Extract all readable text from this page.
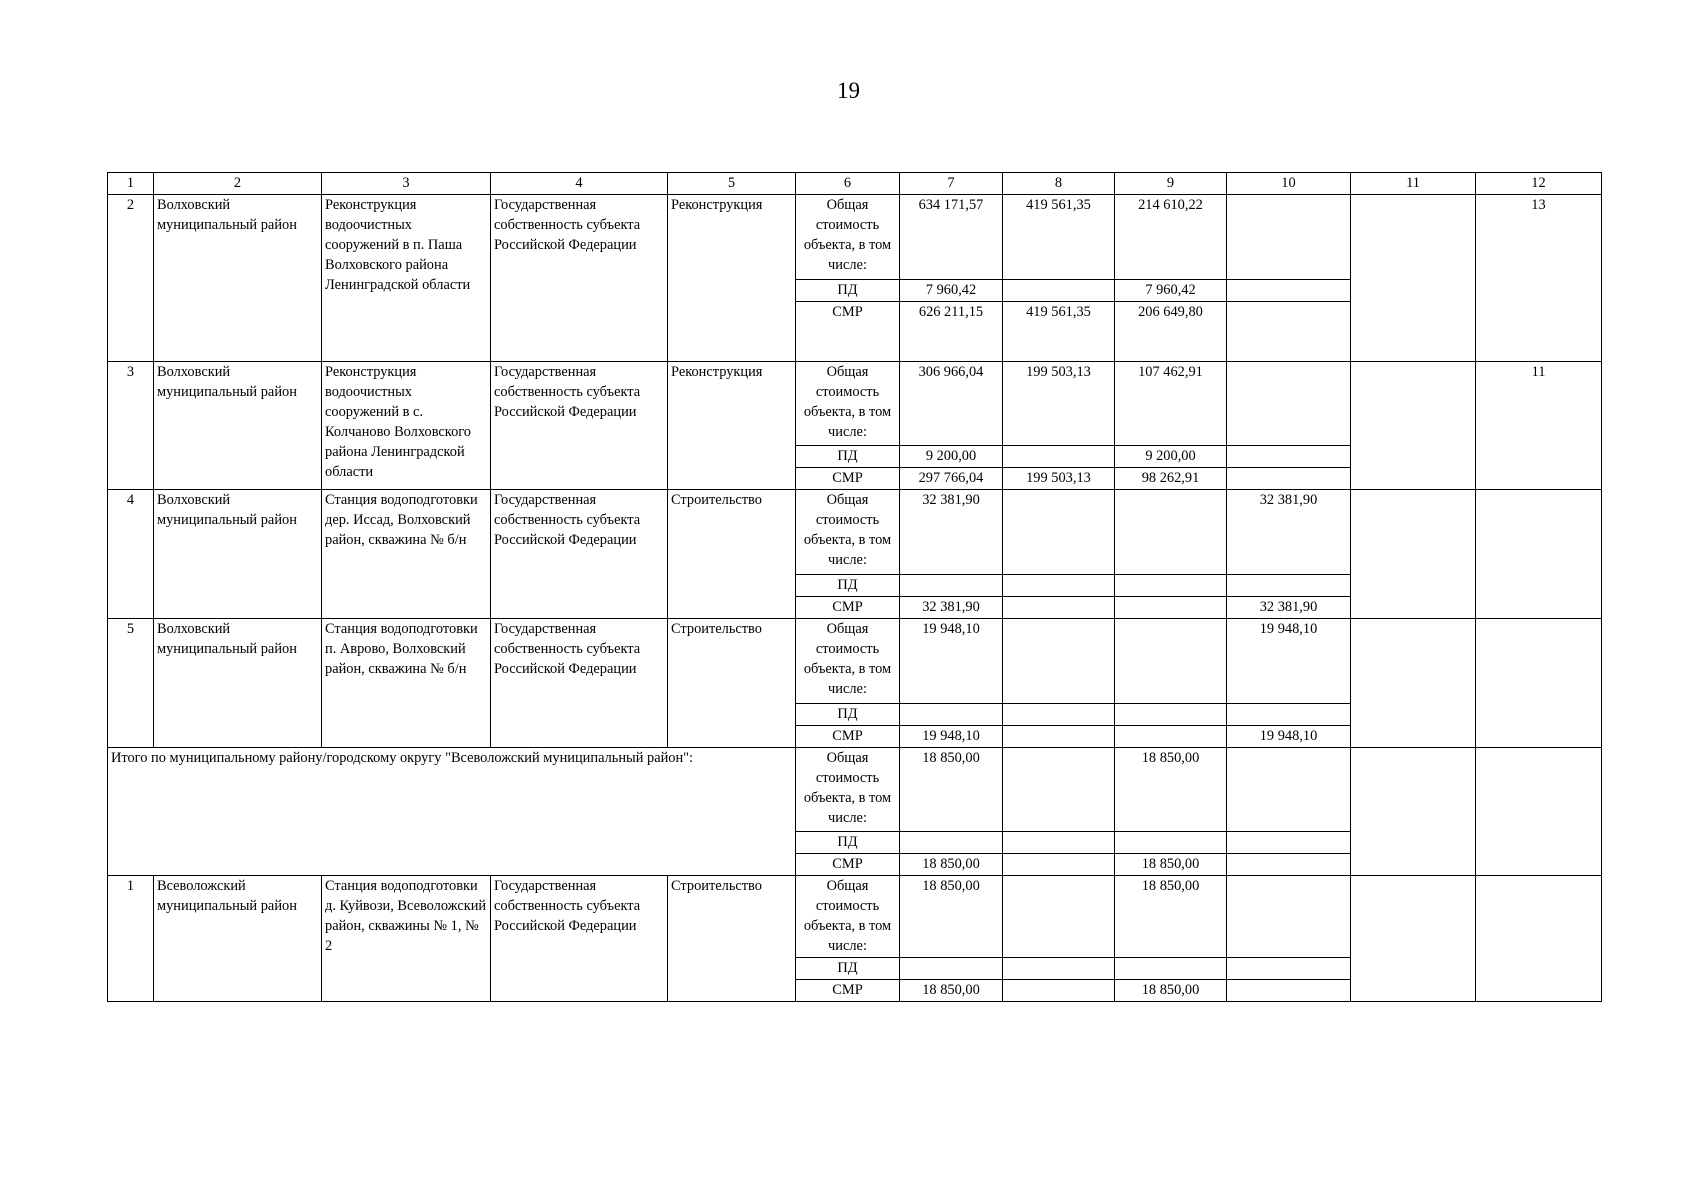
19
1	2	3	4	5	6	7	8	9	10	11	12
2	Волховский муниципальный район	Реконструкция водоочистных сооружений в п. Паша Волховского района Ленинградской области	Государственная собственность субъекта Российской Федерации	Реконструкция	Общая стоимость объекта, в том числе:	634 171,57	419 561,35	214 610,22			13
					ПД	7 960,42		7 960,42			
					СМР	626 211,15	419 561,35	206 649,80			
3	Волховский муниципальный район	Реконструкция водоочистных сооружений в с. Колчаново Волховского района Ленинградской области	Государственная собственность субъекта Российской Федерации	Реконструкция	Общая стоимость объекта, в том числе:	306 966,04	199 503,13	107 462,91			11
					ПД	9 200,00		9 200,00			
					СМР	297 766,04	199 503,13	98 262,91			
4	Волховский муниципальный район	Станция водоподготовки дер. Иссад, Волховский район, скважина № б/н	Государственная собственность субъекта Российской Федерации	Строительство	Общая стоимость объекта, в том числе:	32 381,90			32 381,90		
					ПД						
					СМР	32 381,90			32 381,90		
5	Волховский муниципальный район	Станция водоподготовки п. Аврово, Волховский район, скважина № б/н	Государственная собственность субъекта Российской Федерации	Строительство	Общая стоимость объекта, в том числе:	19 948,10			19 948,10		
					ПД						
					СМР	19 948,10			19 948,10		
Итого по муниципальному району/городскому округу "Всеволожский муниципальный район":					Общая стоимость объекта, в том числе:	18 850,00		18 850,00			
					ПД						
					СМР	18 850,00		18 850,00			
1	Всеволожский муниципальный район	Станция водоподготовки д. Куйвози, Всеволожский район, скважины № 1, № 2	Государственная собственность субъекта Российской Федерации	Строительство	Общая стоимость объекта, в том числе:	18 850,00		18 850,00			
					ПД						
					СМР	18 850,00		18 850,00			
